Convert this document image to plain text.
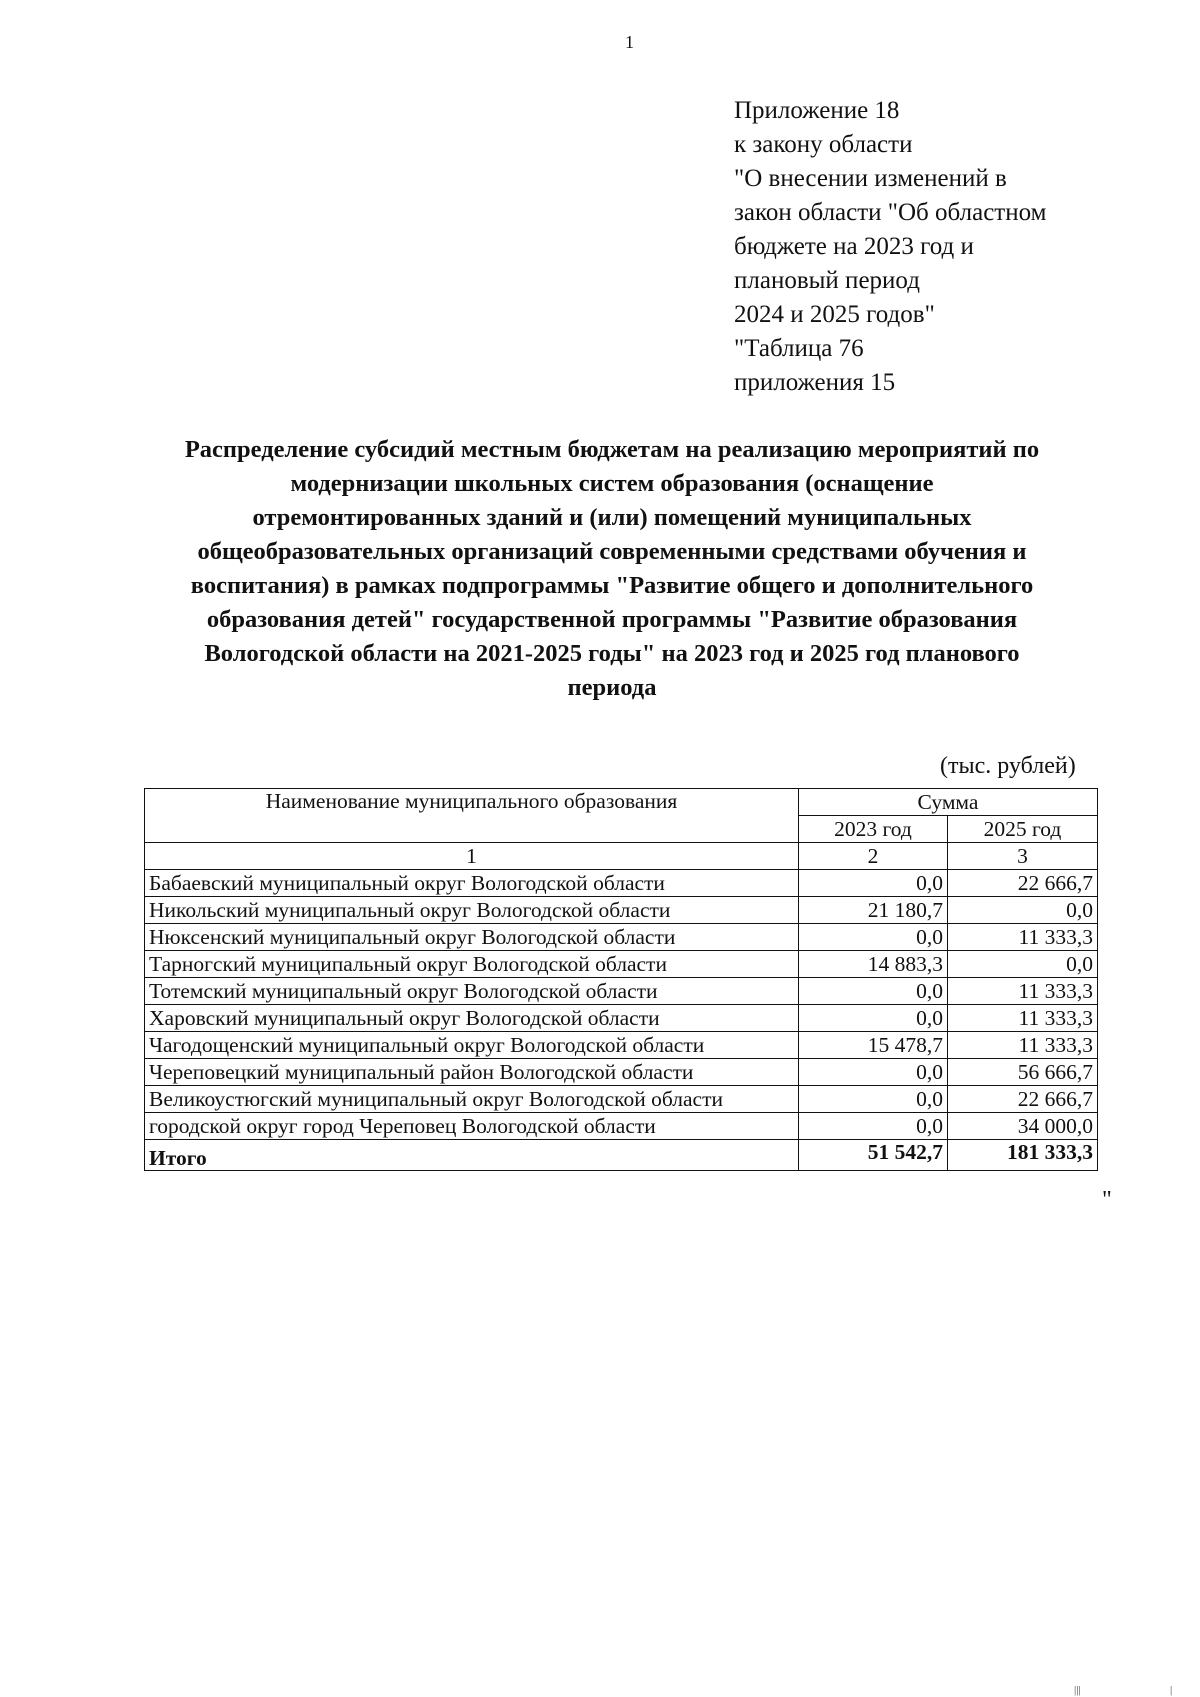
1
Приложение 18
к закону области
"О внесении изменений в
закон области "Об областном
бюджете на 2023 год и
плановый период
2024 и 2025 годов"
"Таблица 76
приложения 15
Распределение субсидий местным бюджетам на реализацию мероприятий по
модернизации школьных систем образования (оснащение
отремонтированных зданий и (или) помещений муниципальных
общеобразовательных организаций современными средствами обучения и
воспитания) в рамках подпрограммы "Развитие общего и дополнительного
образования детей" государственной программы "Развитие образования
Вологодской области на 2021-2025 годы" на 2023 год и 2025 год планового
периода
(тыс. рублей)
Наименование муниципального образования	Сумма	
	2023 год	2025 год
1	2	3
Бабаевский муниципальный округ Вологодской области	0,0	22 666,7
Никольский муниципальный округ Вологодской области	21 180,7	0,0
Нюксенский муниципальный округ Вологодской области	0,0	11 333,3
Тарногский муниципальный округ Вологодской области	14 883,3	0,0
Тотемский муниципальный округ Вологодской области	0,0	11 333,3
Харовский муниципальный округ Вологодской области	0,0	11 333,3
Чагодощенский муниципальный округ Вологодской области	15 478,7	11 333,3
Череповецкий муниципальный район Вологодской области	0,0	56 666,7
Великоустюгский муниципальный округ Вологодской области	0,0	22 666,7
городской округ город Череповец Вологодской области	0,0	34 000,0
Итого	51 542,7	181 333,3
"
|||	|
